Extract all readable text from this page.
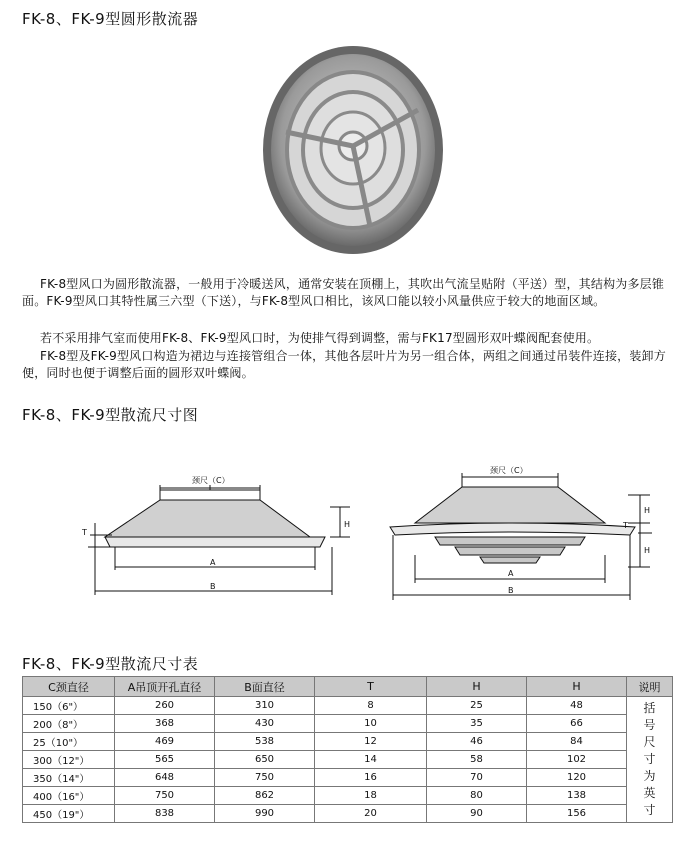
FK-8、FK-9型圆形散流器
FK-8型风口为圆形散流器，一般用于冷暖送风，通常安装在顶棚上，其吹出气流呈贴附（平送）型，其结构为多层锥面。FK-9型风口其特性属三六型（下送），与FK-8型风口相比，该风口能以较小风量供应于较大的地面区域。
若不采用排气室而使用FK-8、FK-9型风口时，为使排气得到调整，需与FK17型圆形双叶蝶阀配套使用。
FK-8型及FK-9型风口构造为裙边与连接管组合一体，其他各层叶片为另一组合体，两组之间通过吊装件连接，装卸方便，同时也便于调整后面的圆形双叶蝶阀。
FK-8、FK-9型散流尺寸图
颈尺（C）
T
H
A
B
颈尺（C）
T
H
H
A
B
FK-8、FK-9型散流尺寸表
C颈直径	A吊顶开孔直径	B面直径	T	H	H	说明
150（6"）	260	310	8	25	48	括号尺寸为英寸
200（8"）	368	430	10	35	66	
25（10"）	469	538	12	46	84	
300（12"）	565	650	14	58	102	
350（14"）	648	750	16	70	120	
400（16"）	750	862	18	80	138	
450（19"）	838	990	20	90	156	
